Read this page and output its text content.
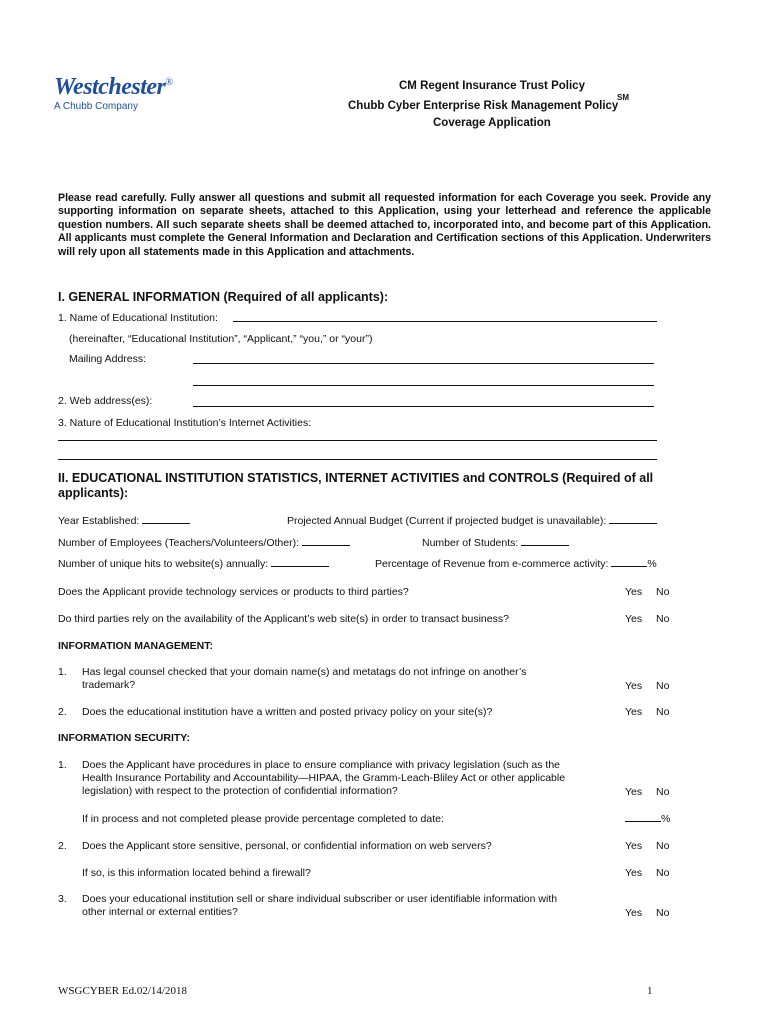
Westchester®
A Chubb Company
CM Regent Insurance Trust Policy
Chubb Cyber Enterprise Risk Management Policy
SM
Coverage Application
Please read carefully. Fully answer all questions and submit all requested information for each Coverage you seek. Provide any supporting information on separate sheets, attached to this Application, using your letterhead and reference the applicable question numbers. All such separate sheets shall be deemed attached to, incorporated into, and become part of this Application. All applicants must complete the General Information and Declaration and Certification sections of this Application. Underwriters will rely upon all statements made in this Application and attachments.
I. GENERAL INFORMATION (Required of all applicants):
1. Name of Educational Institution:
(hereinafter, “Educational Institution”, “Applicant,” “you,” or “your”)
Mailing Address:
2. Web address(es):
3. Nature of Educational Institution’s Internet Activities:
II. EDUCATIONAL INSTITUTION STATISTICS, INTERNET ACTIVITIES and CONTROLS (Required of all
applicants):
Year Established:	Projected Annual Budget (Current if projected budget is unavailable):
Number of Employees (Teachers/Volunteers/Other):	Number of Students:
Number of unique hits to website(s) annually:	Percentage of Revenue from e-commerce activity:	%
Does the Applicant provide technology services or products to third parties?	Yes No
Do third parties rely on the availability of the Applicant’s web site(s) in order to transact business?	Yes No
INFORMATION MANAGEMENT:
1. Has legal counsel checked that your domain name(s) and metatags do not infringe on another’s
trademark?	Yes No
2. Does the educational institution have a written and posted privacy policy on your site(s)?	Yes No
INFORMATION SECURITY:
1. Does the Applicant have procedures in place to ensure compliance with privacy legislation (such as the
Health Insurance Portability and Accountability—HIPAA, the Gramm-Leach-Bliley Act or other applicable
legislation) with respect to the protection of confidential information?	Yes No
If in process and not completed please provide percentage completed to date:	%
2. Does the Applicant store sensitive, personal, or confidential information on web servers?	Yes No
If so, is this information located behind a firewall?	Yes No
3. Does your educational institution sell or share individual subscriber or user identifiable information with
other internal or external entities?	Yes No
WSGCYBER Ed.02/14/2018	1
